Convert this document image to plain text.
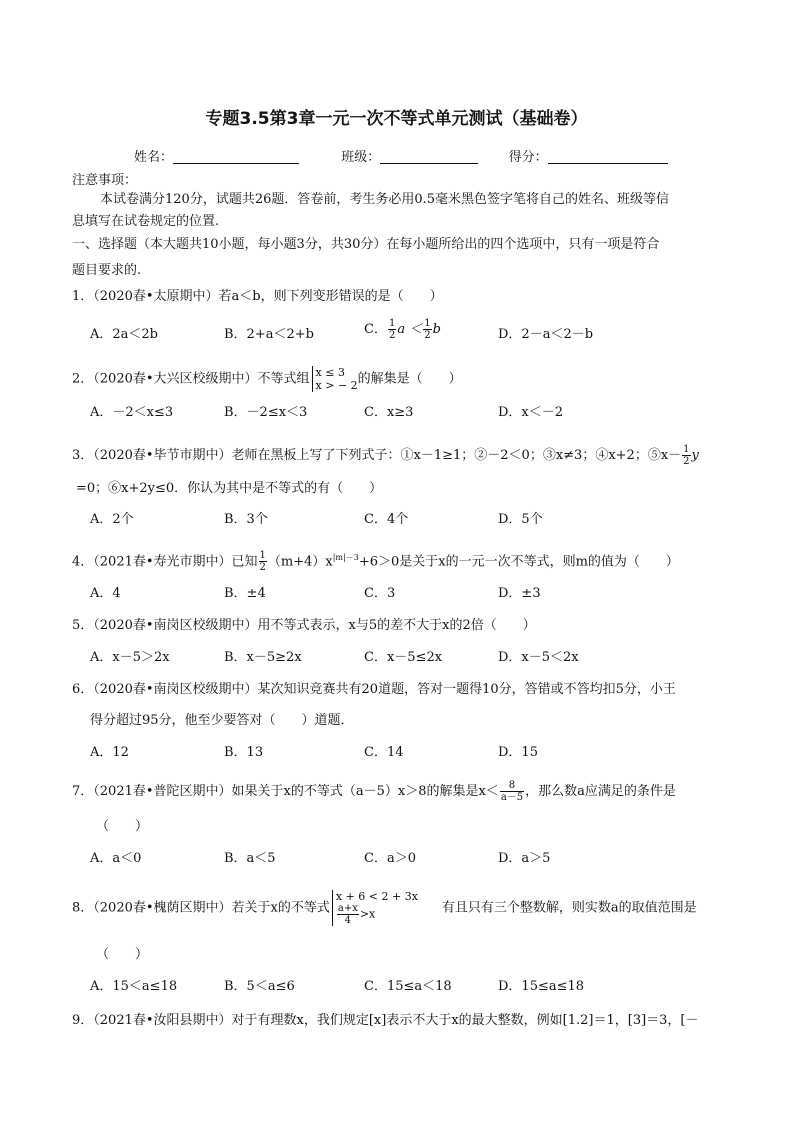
专题3.5第3章一元一次不等式单元测试（基础卷）
姓名：	班级：	得分：
注意事项：
本试卷满分120分，试题共26题．答卷前，考生务必用0.5毫米黑色签字笔将自己的姓名、班级等信
息填写在试卷规定的位置.
一、选择题（本大题共10小题，每小题3分，共30分）在每小题所给出的四个选项中，只有一项是符合
题目要求的.
1．（2020春•太原期中）若a＜b，则下列变形错误的是（　　）
A．2a＜2b	B．2+a＜2+b	C． $\frac{1}{2}$ $a < \frac{1}{2}$ b	D．2－a＜2－b
2．（2020春•大兴区校级期中）不等式组 x ≤ 3
x > − 2 的解集是（　　）
A．－2＜x≤3	B．－2≤x＜3	C．x≥3	D．x＜－2
3．（2020春•毕节市期中）老师在黑板上写了下列式子：①x－1≥1；②－2＜0；③x≠3；④x+2；⑤x－ $\frac{1}{2}$ y
=0；⑥x+2y≤0．你认为其中是不等式的有（　　）
A．2个	B．3个	C．4个	D．5个
4．（2021春•寿光市期中）已知 $\frac{1}{2} (m+4)x^{|m|-3}+6>0$是关于x的一元一次不等式，则m的值为（　　）
A．4	B．±4	C．3	D．±3
5．（2020春•南岗区校级期中）用不等式表示，x与5的差不大于x的2倍（　　）
A．x－5＞2x	B．x－5≥2x	C．x－5≤2x	D．x－5＜2x
6．（2020春•南岗区校级期中）某次知识竞赛共有20道题，答对一题得10分，答错或不答均扣5分，小王
得分超过95分，他至少要答对（　　）道题．
A．12	B．13	C．14	D．15
7．（2021春•普陀区期中）如果关于x的不等式（a－5）x＞8的解集是$x< \frac{8}{a-5}$ ，那么数a应满足的条件是
（　　）
A．a＜0	B．a＜5	C．a＞0	D．a＞5
8．（2020春•槐荫区期中）若关于x的不等式
x + 6 < 2 + 3x
$\frac{a+x}{4} >x$	有且只有三个整数解，则实数a的取值范围是
（　　）
A．15＜a≤18	B．5＜a≤6	C．15≤a＜18	D．15≤a≤18
9．（2021春•汝阳县期中）对于有理数x，我们规定[x]表示不大于x的最大整数，例如[1.2]＝1，[3]＝3，[－
